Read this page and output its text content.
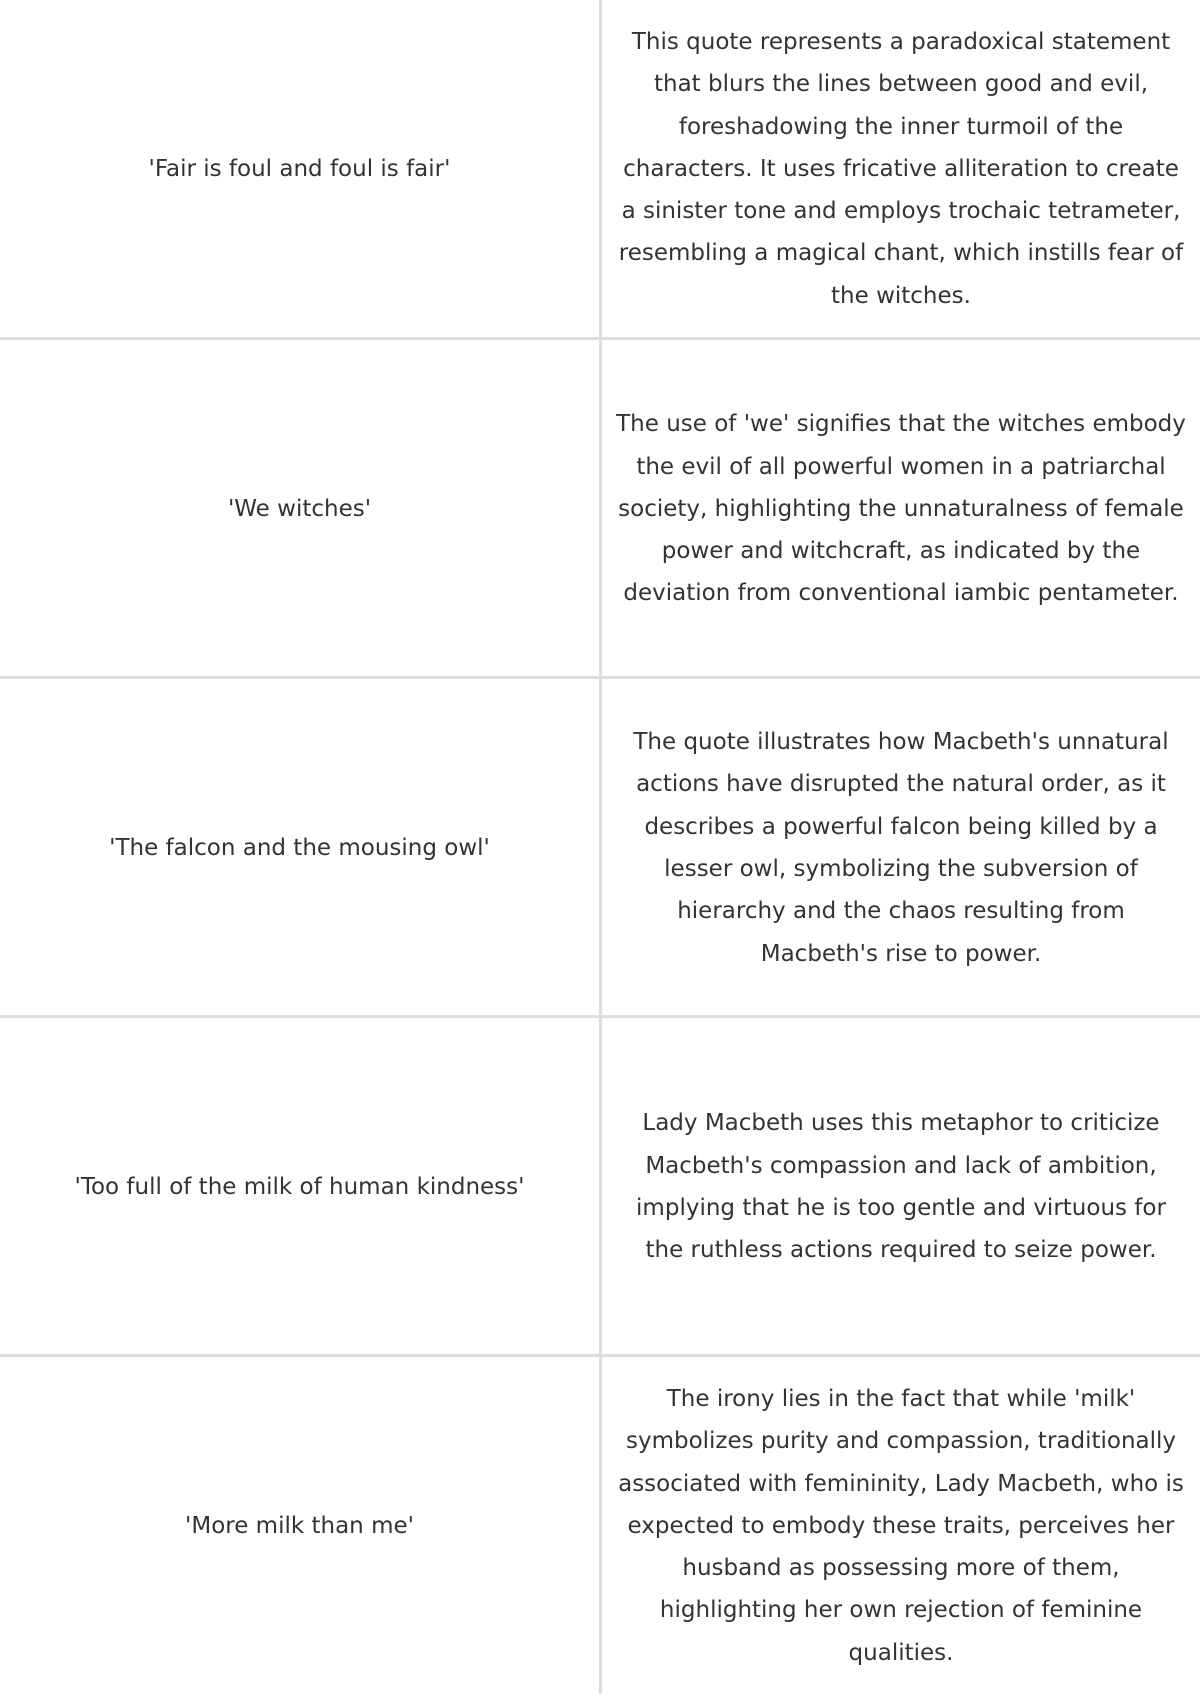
'Fair is foul and foul is fair'
This quote represents a paradoxical statement that blurs the lines between good and evil, foreshadowing the inner turmoil of the characters. It uses fricative alliteration to create a sinister tone and employs trochaic tetrameter, resembling a magical chant, which instills fear of the witches.
'We witches'
The use of 'we' signifies that the witches embody the evil of all powerful women in a patriarchal society, highlighting the unnaturalness of female power and witchcraft, as indicated by the deviation from conventional iambic pentameter.
'The falcon and the mousing owl'
The quote illustrates how Macbeth's unnatural actions have disrupted the natural order, as it describes a powerful falcon being killed by a lesser owl, symbolizing the subversion of hierarchy and the chaos resulting from Macbeth's rise to power.
'Too full of the milk of human kindness'
Lady Macbeth uses this metaphor to criticize Macbeth's compassion and lack of ambition, implying that he is too gentle and virtuous for the ruthless actions required to seize power.
'More milk than me'
The irony lies in the fact that while 'milk' symbolizes purity and compassion, traditionally associated with femininity, Lady Macbeth, who is expected to embody these traits, perceives her husband as possessing more of them, highlighting her own rejection of feminine qualities.
